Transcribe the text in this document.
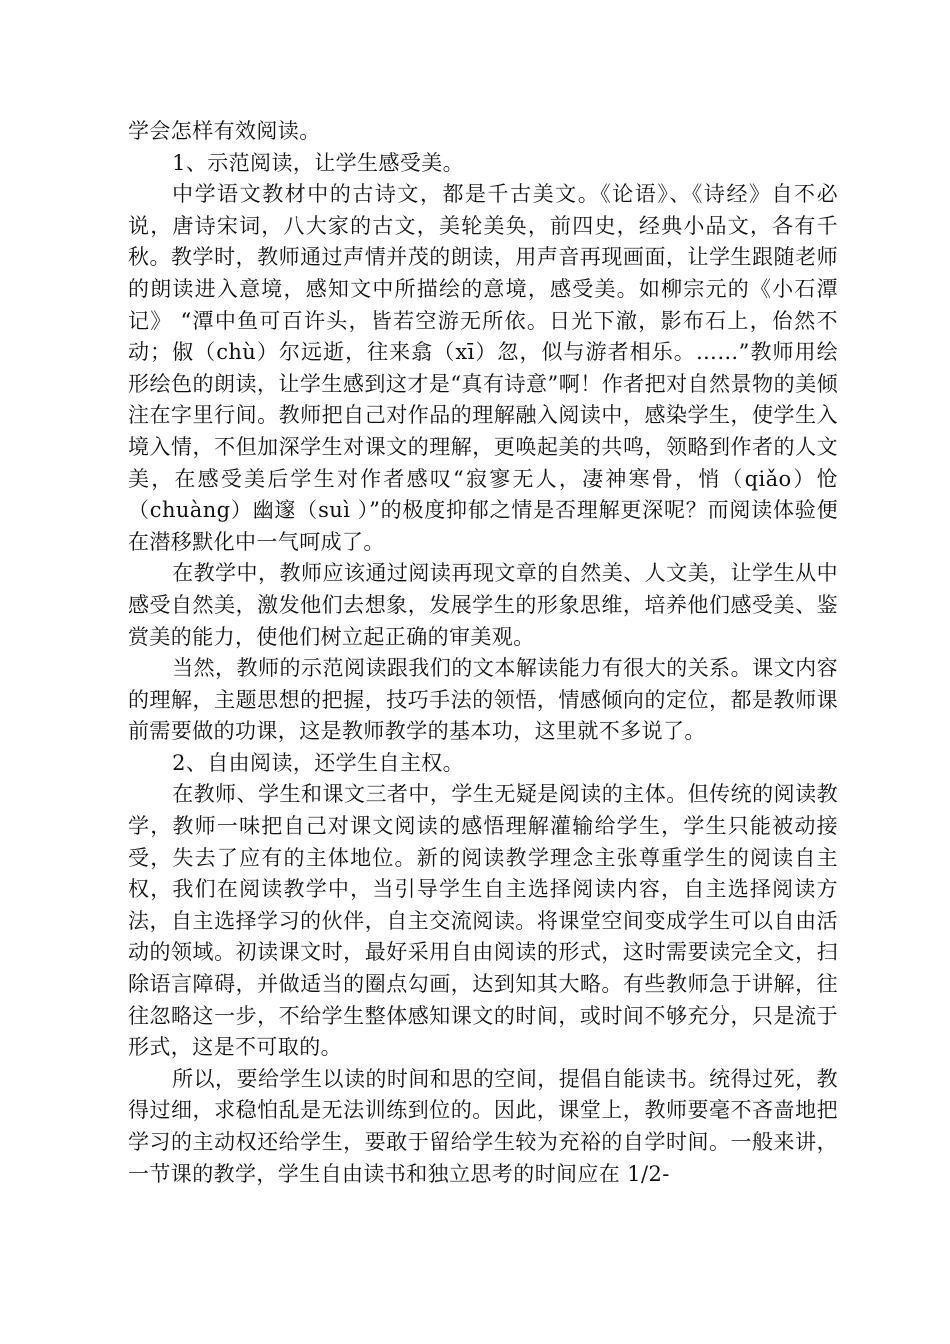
学会怎样有效阅读。

1、示范阅读，让学生感受美。

中学语文教材中的古诗文，都是千古美文。《论语》、《诗经》自不必说，唐诗宋词，八大家的古文，美轮美奂，前四史，经典小品文，各有千秋。教学时，教师通过声情并茂的朗读，用声音再现画面，让学生跟随老师的朗读进入意境，感知文中所描绘的意境，感受美。如柳宗元的《小石潭记》 “潭中鱼可百许头，皆若空游无所依。日光下澈，影布石上，佁然不动；俶（chù）尔远逝，往来翕（xī）忽，似与游者相乐。……”教师用绘形绘色的朗读，让学生感到这才是“真有诗意”啊！作者把对自然景物的美倾注在字里行间。教师把自己对作品的理解融入阅读中，感染学生，使学生入境入情，不但加深学生对课文的理解，更唤起美的共鸣，领略到作者的人文美，在感受美后学生对作者感叹“寂寥无人，凄神寒骨，悄（qiǎo）怆（chuàng）幽邃（suì ）”的极度抑郁之情是否理解更深呢？而阅读体验便在潜移默化中一气呵成了。

在教学中，教师应该通过阅读再现文章的自然美、人文美，让学生从中感受自然美，激发他们去想象，发展学生的形象思维，培养他们感受美、鉴赏美的能力，使他们树立起正确的审美观。

当然，教师的示范阅读跟我们的文本解读能力有很大的关系。课文内容的理解，主题思想的把握，技巧手法的领悟，情感倾向的定位，都是教师课前需要做的功课，这是教师教学的基本功，这里就不多说了。

2、自由阅读，还学生自主权。

在教师、学生和课文三者中，学生无疑是阅读的主体。但传统的阅读教学，教师一味把自己对课文阅读的感悟理解灌输给学生，学生只能被动接受，失去了应有的主体地位。新的阅读教学理念主张尊重学生的阅读自主权，我们在阅读教学中，当引导学生自主选择阅读内容，自主选择阅读方法，自主选择学习的伙伴，自主交流阅读。将课堂空间变成学生可以自由活动的领域。初读课文时，最好采用自由阅读的形式，这时需要读完全文，扫除语言障碍，并做适当的圈点勾画，达到知其大略。有些教师急于讲解，往往忽略这一步，不给学生整体感知课文的时间，或时间不够充分，只是流于形式，这是不可取的。

所以，要给学生以读的时间和思的空间，提倡自能读书。统得过死，教得过细，求稳怕乱是无法训练到位的。因此，课堂上，教师要毫不吝啬地把学习的主动权还给学生，要敢于留给学生较为充裕的自学时间。一般来讲，一节课的教学，学生自由读书和独立思考的时间应在 1/2-
